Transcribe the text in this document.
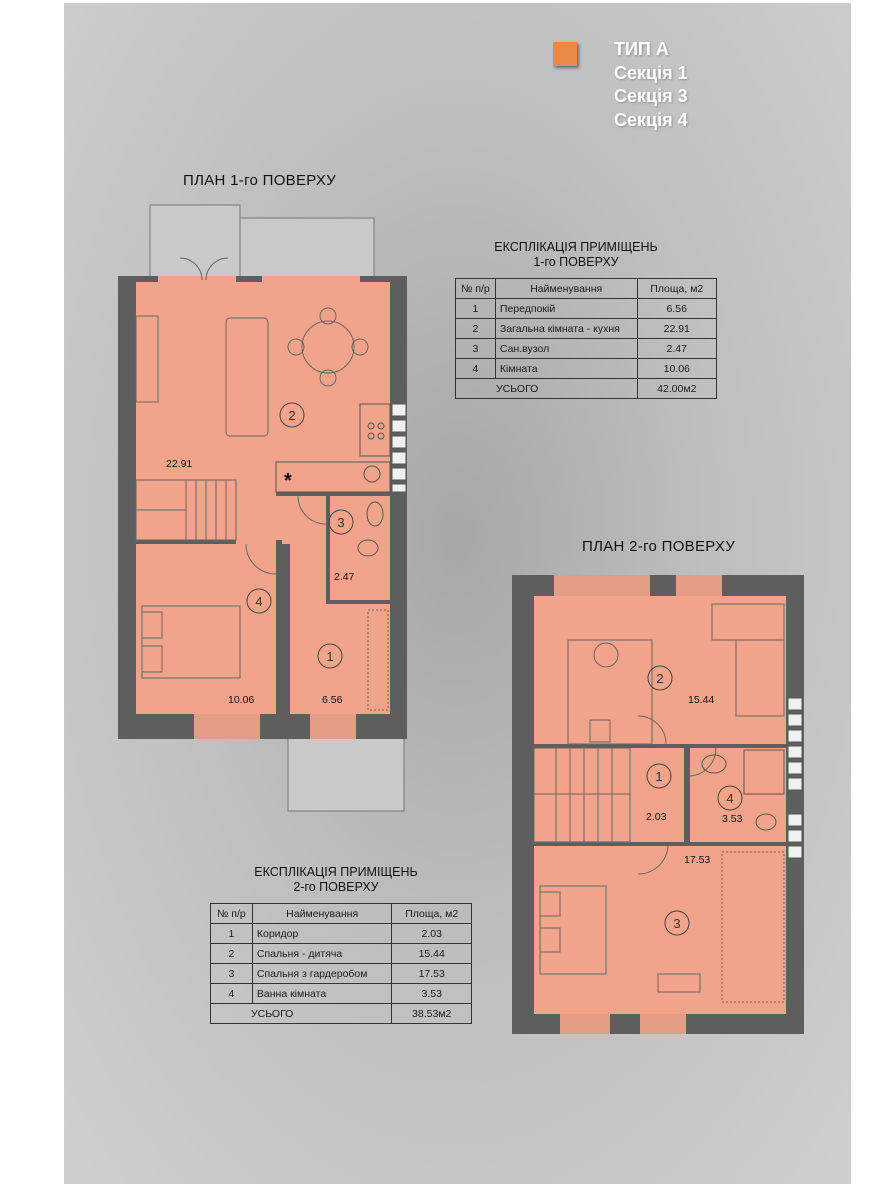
ТИП А
Секція 1
Секція 3
Секція 4
ПЛАН 1-го ПОВЕРХУ
2
3
4
1
22.91
2.47
10.06	6.56
*
ЕКСПЛІКАЦІЯ ПРИМІЩЕНЬ
1-го ПОВЕРХУ
№ п/р	Найменування	Площа, м2
1	Передпокій	6.56
2	Загальна кімната - кухня	22.91
3	Сан.вузол	2.47
4	Кімната	10.06
УСЬОГО		42.00м2
ПЛАН 2-го ПОВЕРХУ
2
1
4
3
15.44
2.03	3.53
17.53
ЕКСПЛІКАЦІЯ ПРИМІЩЕНЬ
2-го ПОВЕРХУ
№ п/р	Найменування	Площа, м2
1	Коридор	2.03
2	Спальня - дитяча	15.44
3	Спальня з гардеробом	17.53
4	Ванна кімната	3.53
УСЬОГО		38.53м2
